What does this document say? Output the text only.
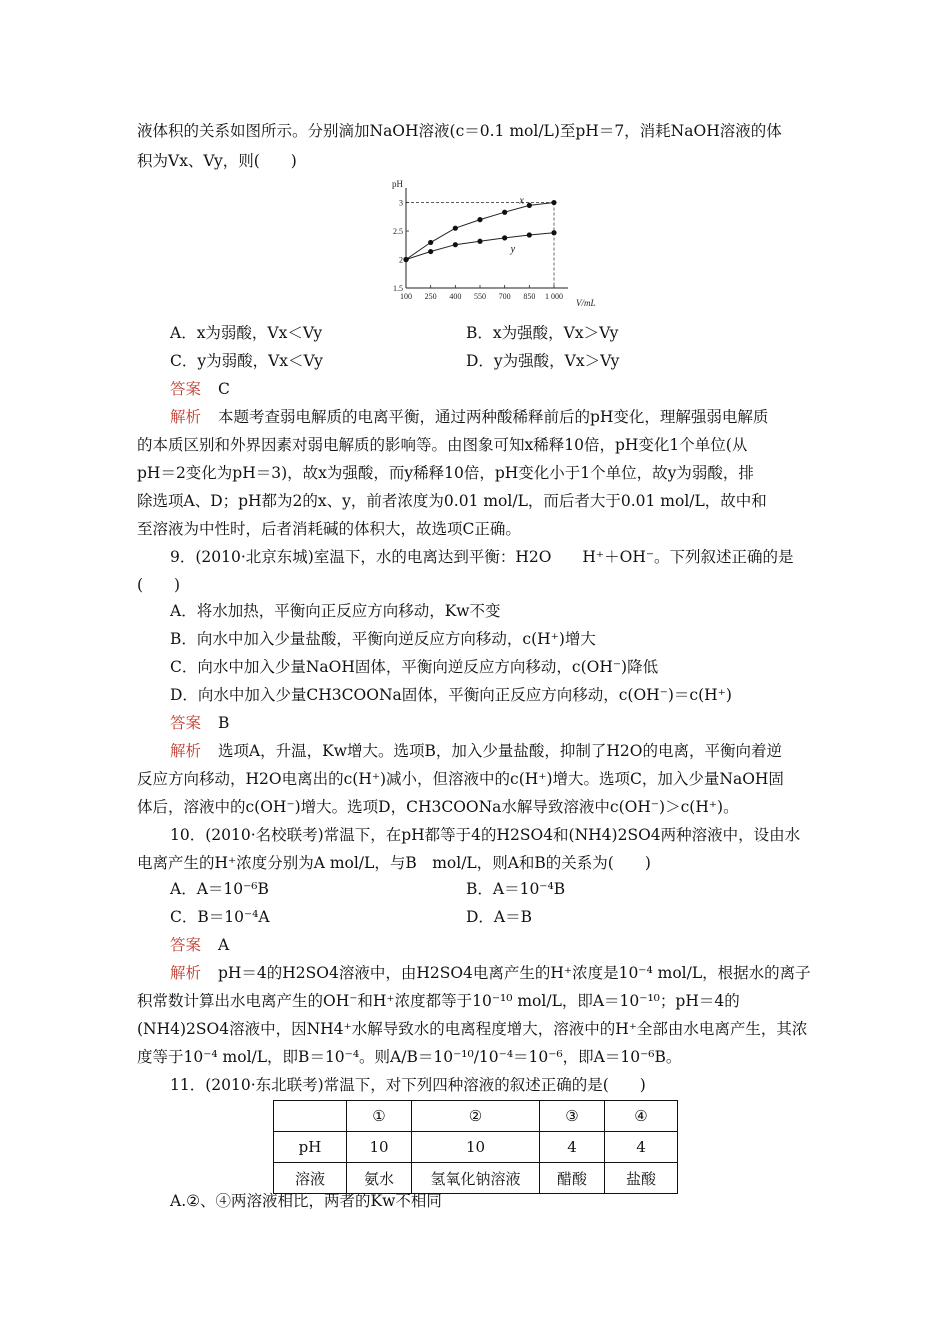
液体积的关系如图所示。分别滴加NaOH溶液(c＝0.1 mol/L)至pH＝7，消耗NaOH溶液的体
积为Vx、Vy，则(　　)
pH
V/mL
100 250 400 550 700 850 1 000
1.5
2
2.5
3	x
y
A．x为弱酸，Vx＜Vy	B．x为强酸，Vx＞Vy
C．y为弱酸，Vx＜Vy	D．y为强酸，Vx＞Vy
答案 C
解析 本题考查弱电解质的电离平衡，通过两种酸稀释前后的pH变化，理解强弱电解质
的本质区别和外界因素对弱电解质的影响等。由图象可知x稀释10倍，pH变化1个单位(从
pH＝2变化为pH＝3)，故x为强酸，而y稀释10倍，pH变化小于1个单位，故y为弱酸，排
除选项A、D；pH都为2的x、y，前者浓度为0.01 mol/L，而后者大于0.01 mol/L，故中和
至溶液为中性时，后者消耗碱的体积大，故选项C正确。
9．(2010·北京东城)室温下，水的电离达到平衡：H2O　　H⁺＋OH⁻。下列叙述正确的是
(　　)
A．将水加热，平衡向正反应方向移动，Kw不变
B．向水中加入少量盐酸，平衡向逆反应方向移动，c(H⁺)增大
C．向水中加入少量NaOH固体，平衡向逆反应方向移动，c(OH⁻)降低
D．向水中加入少量CH3COONa固体，平衡向正反应方向移动，c(OH⁻)＝c(H⁺)
答案 B
解析 选项A，升温，Kw增大。选项B，加入少量盐酸，抑制了H2O的电离，平衡向着逆
反应方向移动，H2O电离出的c(H⁺)减小，但溶液中的c(H⁺)增大。选项C，加入少量NaOH固
体后，溶液中的c(OH⁻)增大。选项D，CH3COONa水解导致溶液中c(OH⁻)＞c(H⁺)。
10．(2010·名校联考)常温下，在pH都等于4的H2SO4和(NH4)2SO4两种溶液中，设由水
电离产生的H⁺浓度分别为A mol/L，与B　mol/L，则A和B的关系为(　　)
A．A＝10⁻⁶B	B．A＝10⁻⁴B
C．B＝10⁻⁴A	D．A＝B
答案 A
解析 pH＝4的H2SO4溶液中，由H2SO4电离产生的H⁺浓度是10⁻⁴ mol/L，根据水的离子
积常数计算出水电离产生的OH⁻和H⁺浓度都等于10⁻¹⁰ mol/L，即A＝10⁻¹⁰；pH＝4的
(NH4)2SO4溶液中，因NH4⁺水解导致水的电离程度增大，溶液中的H⁺全部由水电离产生，其浓
度等于10⁻⁴ mol/L，即B＝10⁻⁴。则A/B＝10⁻¹⁰/10⁻⁴＝10⁻⁶，即A＝10⁻⁶B。
11．(2010·东北联考)常温下，对下列四种溶液的叙述正确的是(　　)
	①	②	③	④
pH	10	10	4	4
溶液	氨水	氢氧化钠溶液	醋酸	盐酸
A.②、④两溶液相比，两者的Kw不相同
